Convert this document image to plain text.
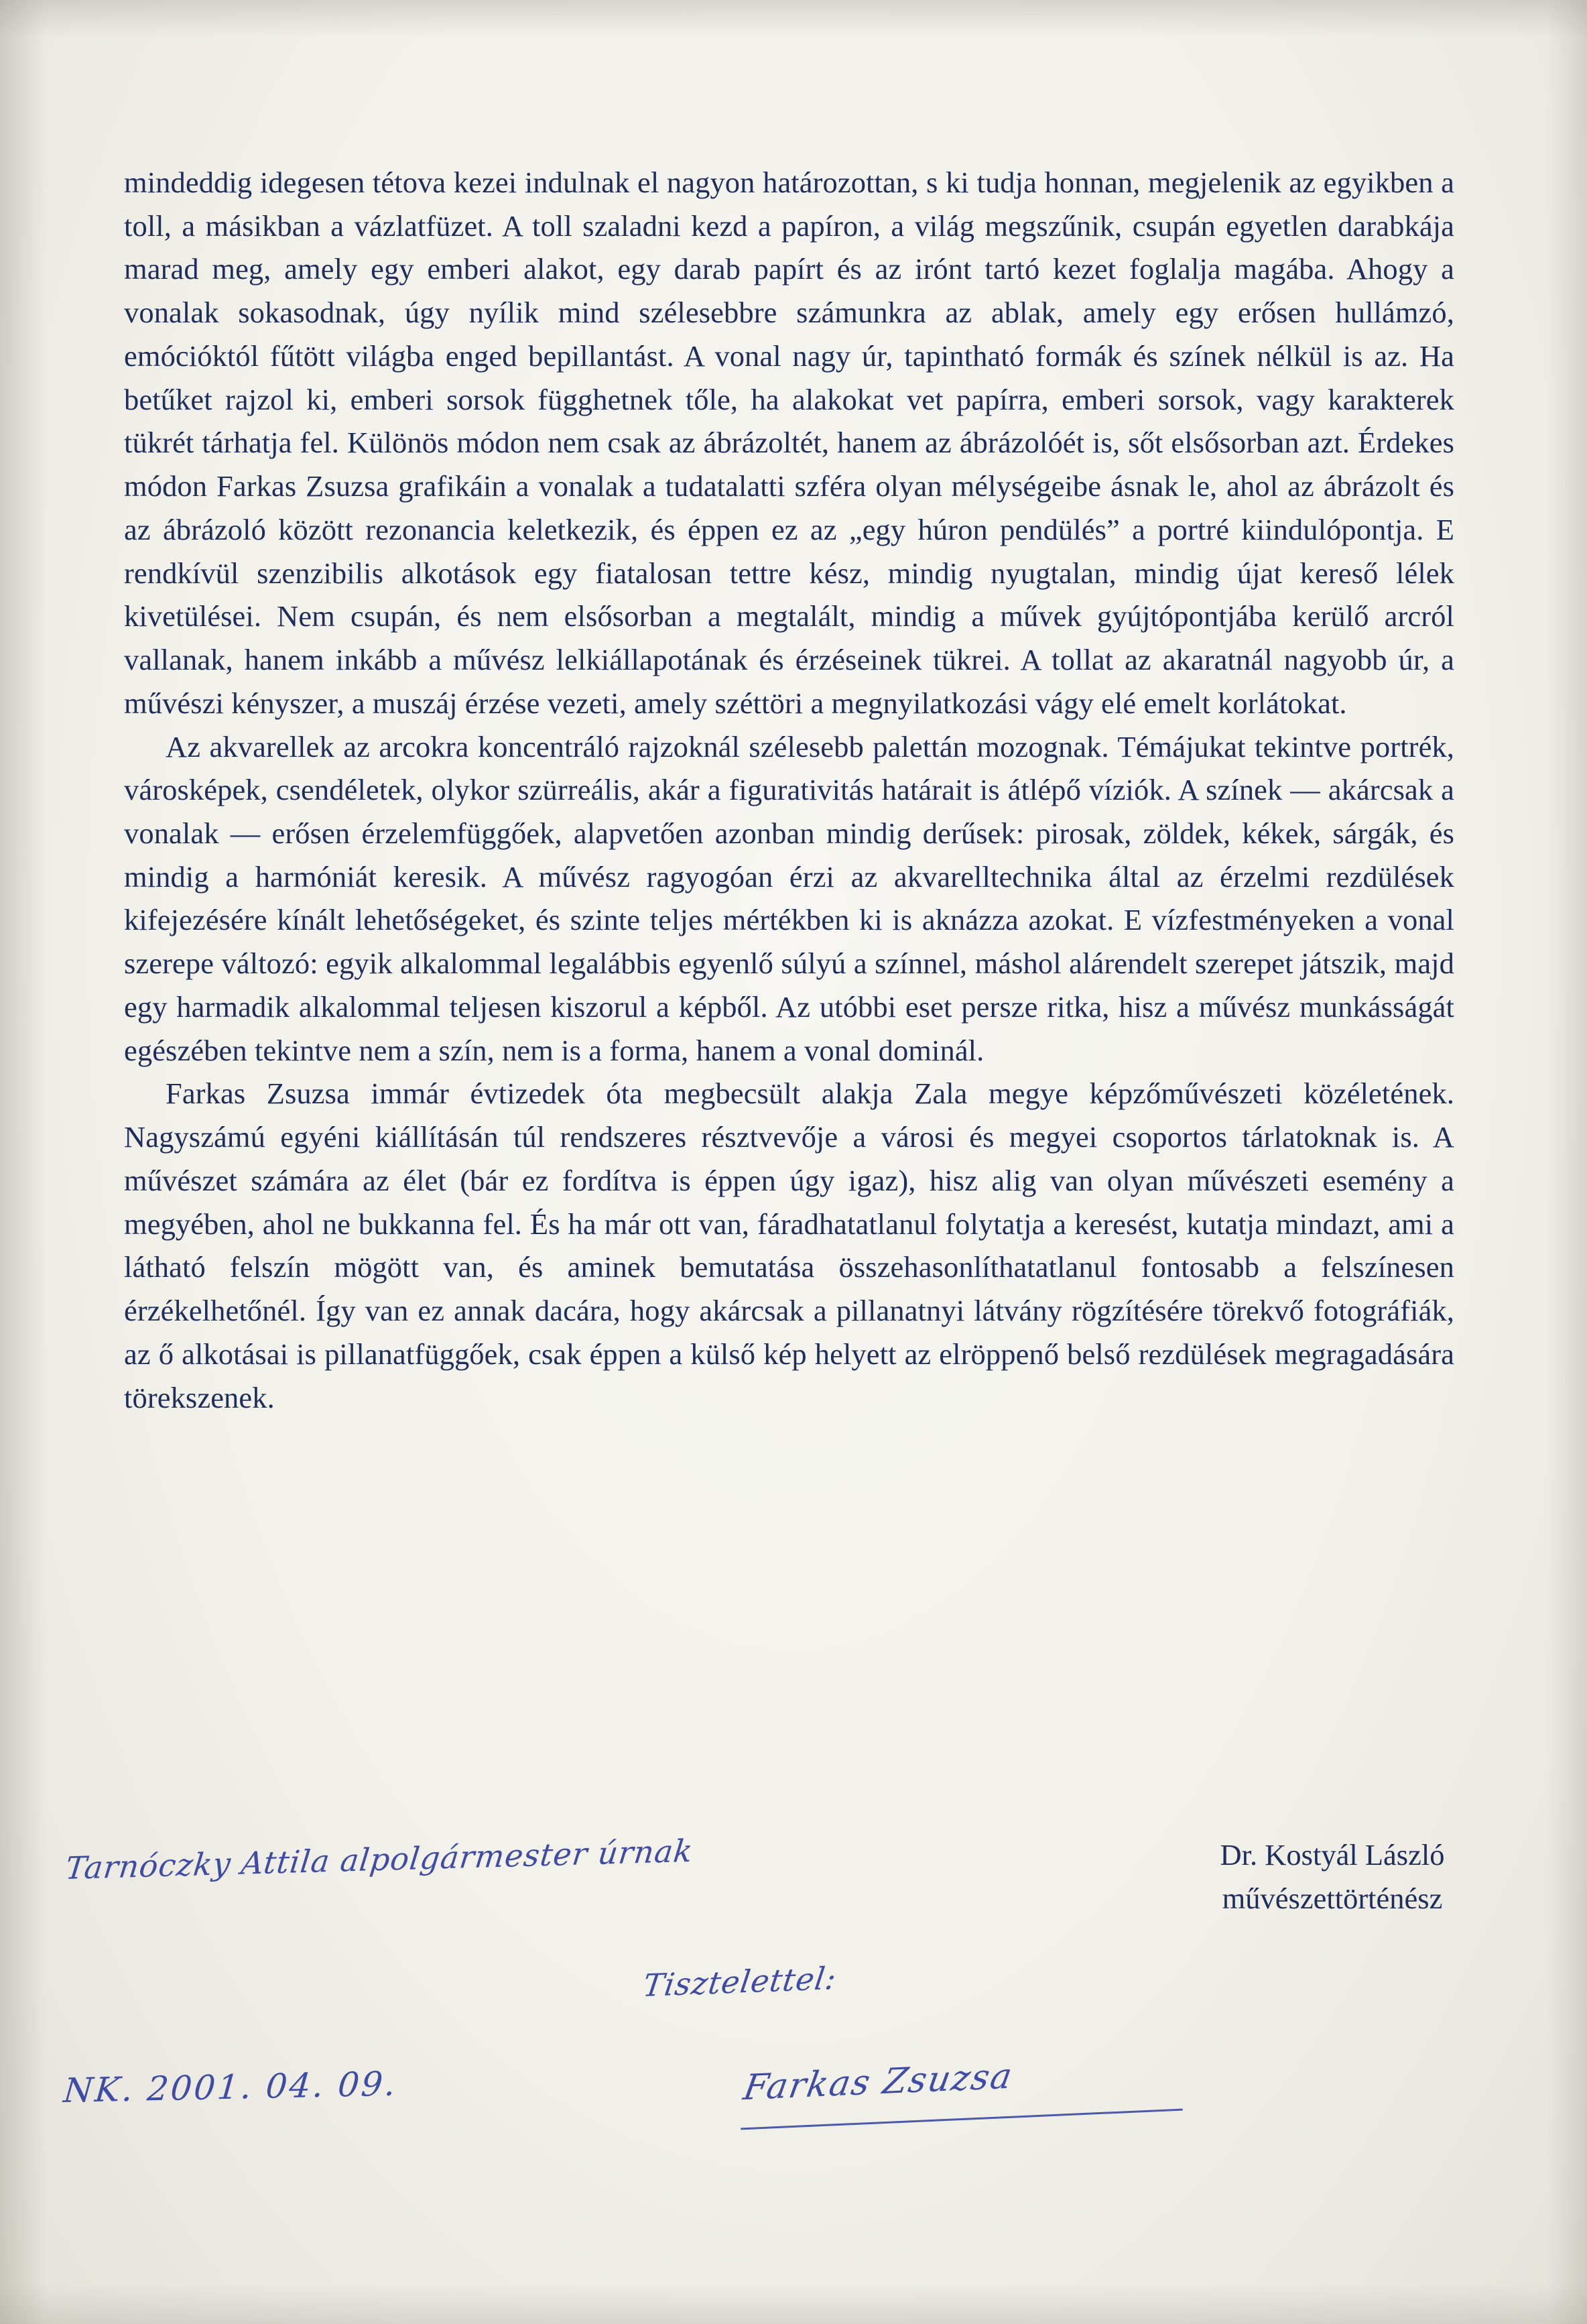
mindeddig idegesen tétova kezei indulnak el nagyon határozottan, s ki tudja honnan, megjelenik az egyikben a toll, a másikban a vázlatfüzet. A toll szaladni kezd a papíron, a világ megszűnik, csupán egyetlen darabkája marad meg, amely egy emberi alakot, egy darab papírt és az irónt tartó kezet foglalja magába. Ahogy a vonalak sokasodnak, úgy nyílik mind szélesebbre számunkra az ablak, amely egy erősen hullámzó, emócióktól fűtött világba enged bepillantást. A vonal nagy úr, tapintható formák és színek nélkül is az. Ha betűket rajzol ki, emberi sorsok függhetnek tőle, ha alakokat vet papírra, emberi sorsok, vagy karakterek tükrét tárhatja fel. Különös módon nem csak az ábrázoltét, hanem az ábrázolóét is, sőt elsősorban azt. Érdekes módon Farkas Zsuzsa grafikáin a vonalak a tudatalatti szféra olyan mélységeibe ásnak le, ahol az ábrázolt és az ábrázoló között rezonancia keletkezik, és éppen ez az „egy húron pendülés” a portré kiindulópontja. E rendkívül szenzibilis alkotások egy fiatalosan tettre kész, mindig nyugtalan, mindig újat kereső lélek kivetülései. Nem csupán, és nem elsősorban a megtalált, mindig a művek gyújtópontjába kerülő arcról vallanak, hanem inkább a művész lelkiállapotának és érzéseinek tükrei. A tollat az akaratnál nagyobb úr, a művészi kényszer, a muszáj érzése vezeti, amely széttöri a megnyilatkozási vágy elé emelt korlátokat.

Az akvarellek az arcokra koncentráló rajzoknál szélesebb palettán mozognak. Témájukat tekintve portrék, városképek, csendéletek, olykor szürreális, akár a figurativitás határait is átlépő víziók. A színek — akárcsak a vonalak — erősen érzelemfüggőek, alapvetően azonban mindig derűsek: pirosak, zöldek, kékek, sárgák, és mindig a harmóniát keresik. A művész ragyogóan érzi az akvarelltechnika által az érzelmi rezdülések kifejezésére kínált lehetőségeket, és szinte teljes mértékben ki is aknázza azokat. E vízfestményeken a vonal szerepe változó: egyik alkalommal legalábbis egyenlő súlyú a színnel, máshol alárendelt szerepet játszik, majd egy harmadik alkalommal teljesen kiszorul a képből. Az utóbbi eset persze ritka, hisz a művész munkásságát egészében tekintve nem a szín, nem is a forma, hanem a vonal dominál.

Farkas Zsuzsa immár évtizedek óta megbecsült alakja Zala megye képzőművészeti közéletének. Nagyszámú egyéni kiállításán túl rendszeres résztvevője a városi és megyei csoportos tárlatoknak is. A művészet számára az élet (bár ez fordítva is éppen úgy igaz), hisz alig van olyan művészeti esemény a megyében, ahol ne bukkanna fel. És ha már ott van, fáradhatatlanul folytatja a keresést, kutatja mindazt, ami a látható felszín mögött van, és aminek bemutatása összehasonlíthatatlanul fontosabb a felszínesen érzékelhetőnél. Így van ez annak dacára, hogy akárcsak a pillanatnyi látvány rögzítésére törekvő fotográfiák, az ő alkotásai is pillanatfüggőek, csak éppen a külső kép helyett az elröppenő belső rezdülések megragadására törekszenek.

Dr. Kostyál László
művészettörténész
Tarnóczky Attila alpolgármester úrnak
Tisztelettel:
Farkas Zsuzsa
NK. 2001. 04. 09.
